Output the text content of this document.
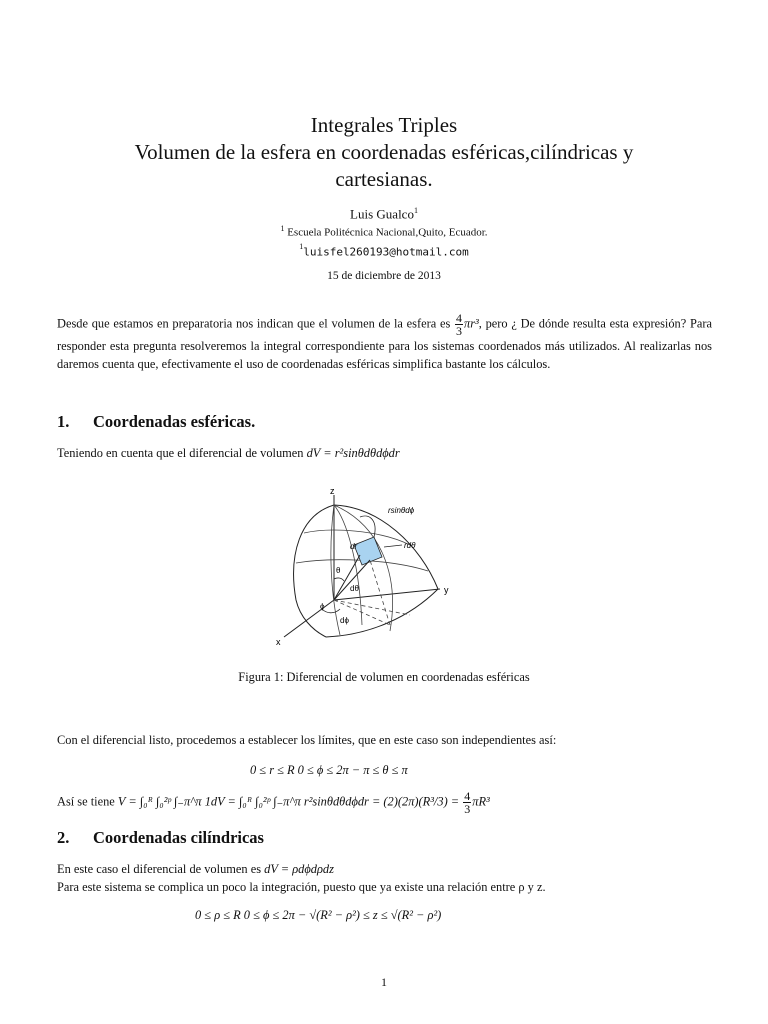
Integrales Triples
Volumen de la esfera en coordenadas esféricas,cilíndricas y
cartesianas.
Luis Gualco$^1$
$^1$ Escuela Politécnica Nacional,Quito, Ecuador.
$^1$luisfel260193@hotmail.com
15 de diciembre de 2013
Desde que estamos en preparatoria nos indican que el volumen de la esfera es $\frac{4}{3} \pi r^3$, pero ¿ De dónde resulta esta expresión? Para responder esta pregunta resolveremos la integral correspondiente para los sistemas coordenados más utilizados. Al realizarlas nos daremos cuenta que, efectivamente el uso de coordenadas esféricas simplifica bastante los cálculos.
1. Coordenadas esféricas.
Teniendo en cuenta que el diferencial de volumen dV = r²sinθdθdϕdr
z
y
x
rsinθdϕ
rdθ
dr
θ
dθ
ϕ
dϕ
Figura 1: Diferencial de volumen en coordenadas esféricas
Con el diferencial listo, procedemos a establecer los límites, que en este caso son independientes así:
0 ≤ r ≤ R 0 ≤ ϕ ≤ 2π − π ≤ θ ≤ π
Así se tiene V = ∫₀ᴿ ∫₀²ᵖ ∫₋π^π 1dV = ∫₀ᴿ ∫₀²ᵖ ∫₋π^π $r^2\sin\theta d\theta d\phi dr = (2)(2\pi)(R^3/3) = \frac{4}{3} \pi R^3$
2. Coordenadas cilíndricas
En este caso el diferencial de volumen es dV = ρdϕdρdz
Para este sistema se complica un poco la integración, puesto que ya existe una relación entre ρ y z.
0 ≤ ρ ≤ R 0 ≤ ϕ ≤ 2π − √(R² − ρ²) ≤ z ≤ √(R² − ρ²)
1
